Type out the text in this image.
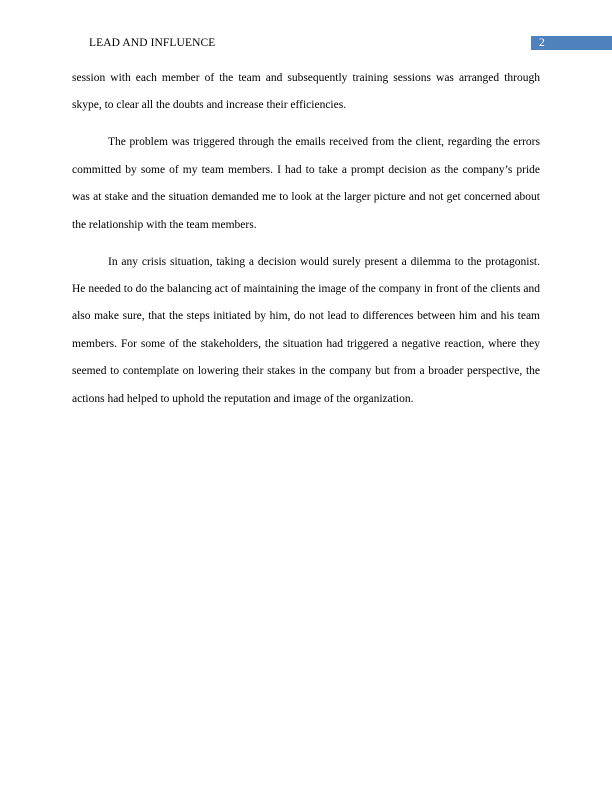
LEAD AND INFLUENCE	2

session with each member of the team and subsequently training sessions was arranged through skype, to clear all the doubts and increase their efficiencies.

The problem was triggered through the emails received from the client, regarding the errors committed by some of my team members. I had to take a prompt decision as the company’s pride was at stake and the situation demanded me to look at the larger picture and not get concerned about the relationship with the team members.

In any crisis situation, taking a decision would surely present a dilemma to the protagonist. He needed to do the balancing act of maintaining the image of the company in front of the clients and also make sure, that the steps initiated by him, do not lead to differences between him and his team members. For some of the stakeholders, the situation had triggered a negative reaction, where they seemed to contemplate on lowering their stakes in the company but from a broader perspective, the actions had helped to uphold the reputation and image of the organization.
